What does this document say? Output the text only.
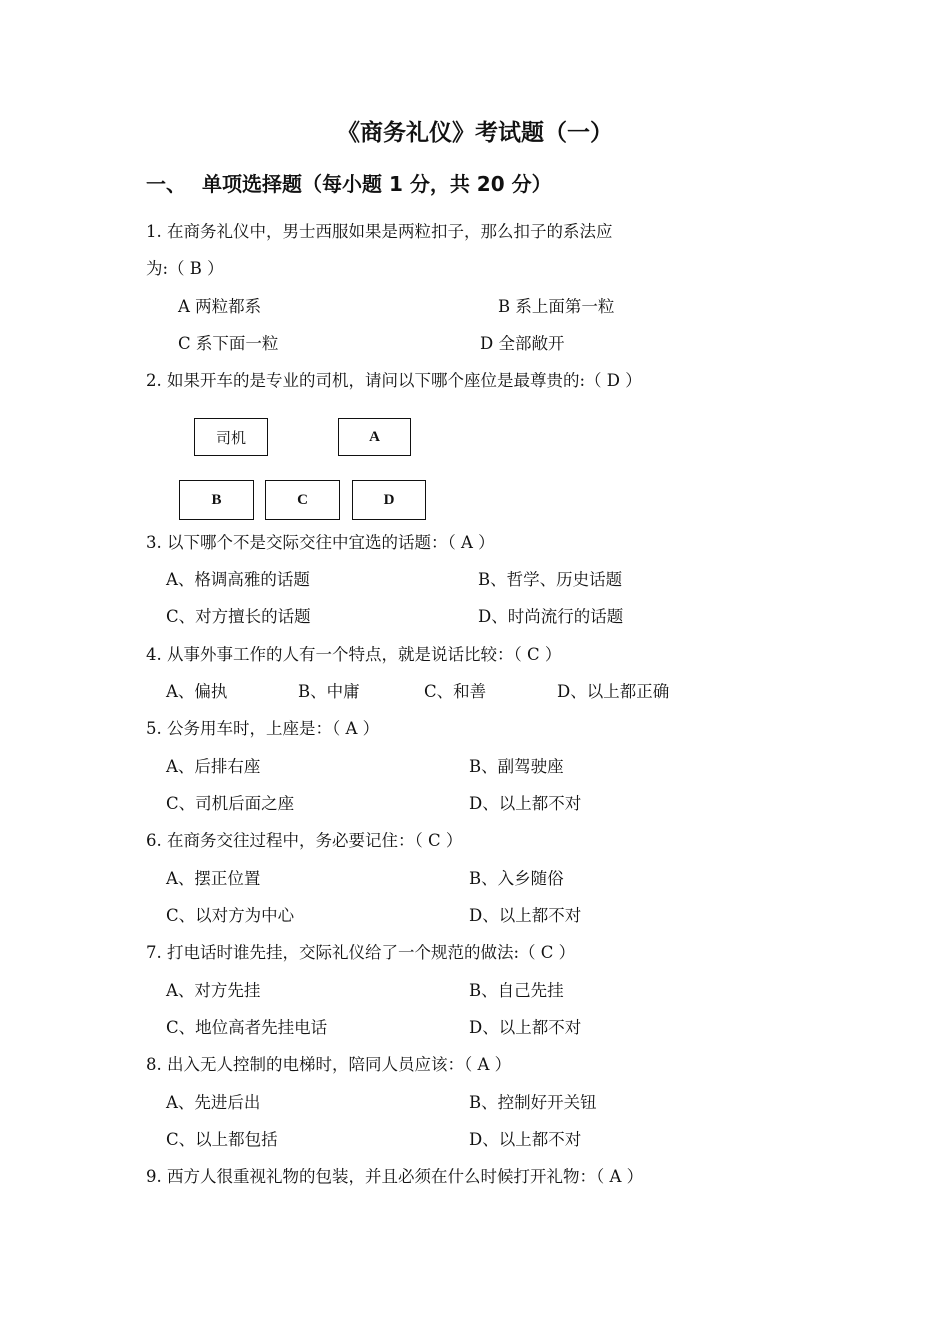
《商务礼仪》考试题（一）
一、 单项选择题（每小题 1 分，共 20 分）
1. 在商务礼仪中，男士西服如果是两粒扣子，那么扣子的系法应
为:（ B ）
A 两粒都系	B 系上面第一粒
C 系下面一粒	D 全部敞开
2. 如果开车的是专业的司机，请问以下哪个座位是最尊贵的:（ D ）
司机	A
B	C	D
3. 以下哪个不是交际交往中宜选的话题：（ A ）
A、格调高雅的话题	B、哲学、历史话题
C、对方擅长的话题	D、时尚流行的话题
4. 从事外事工作的人有一个特点，就是说话比较：（ C ）
A、偏执	B、中庸	C、和善	D、以上都正确
5. 公务用车时，上座是：（ A ）
A、后排右座	B、副驾驶座
C、司机后面之座	D、以上都不对
6. 在商务交往过程中，务必要记住：（ C ）
A、摆正位置	B、入乡随俗
C、以对方为中心	D、以上都不对
7. 打电话时谁先挂，交际礼仪给了一个规范的做法:（ C ）
A、对方先挂	B、自己先挂
C、地位高者先挂电话	D、以上都不对
8. 出入无人控制的电梯时，陪同人员应该：（ A ）
A、先进后出	B、控制好开关钮
C、以上都包括	D、以上都不对
9. 西方人很重视礼物的包装，并且必须在什么时候打开礼物：（ A ）
